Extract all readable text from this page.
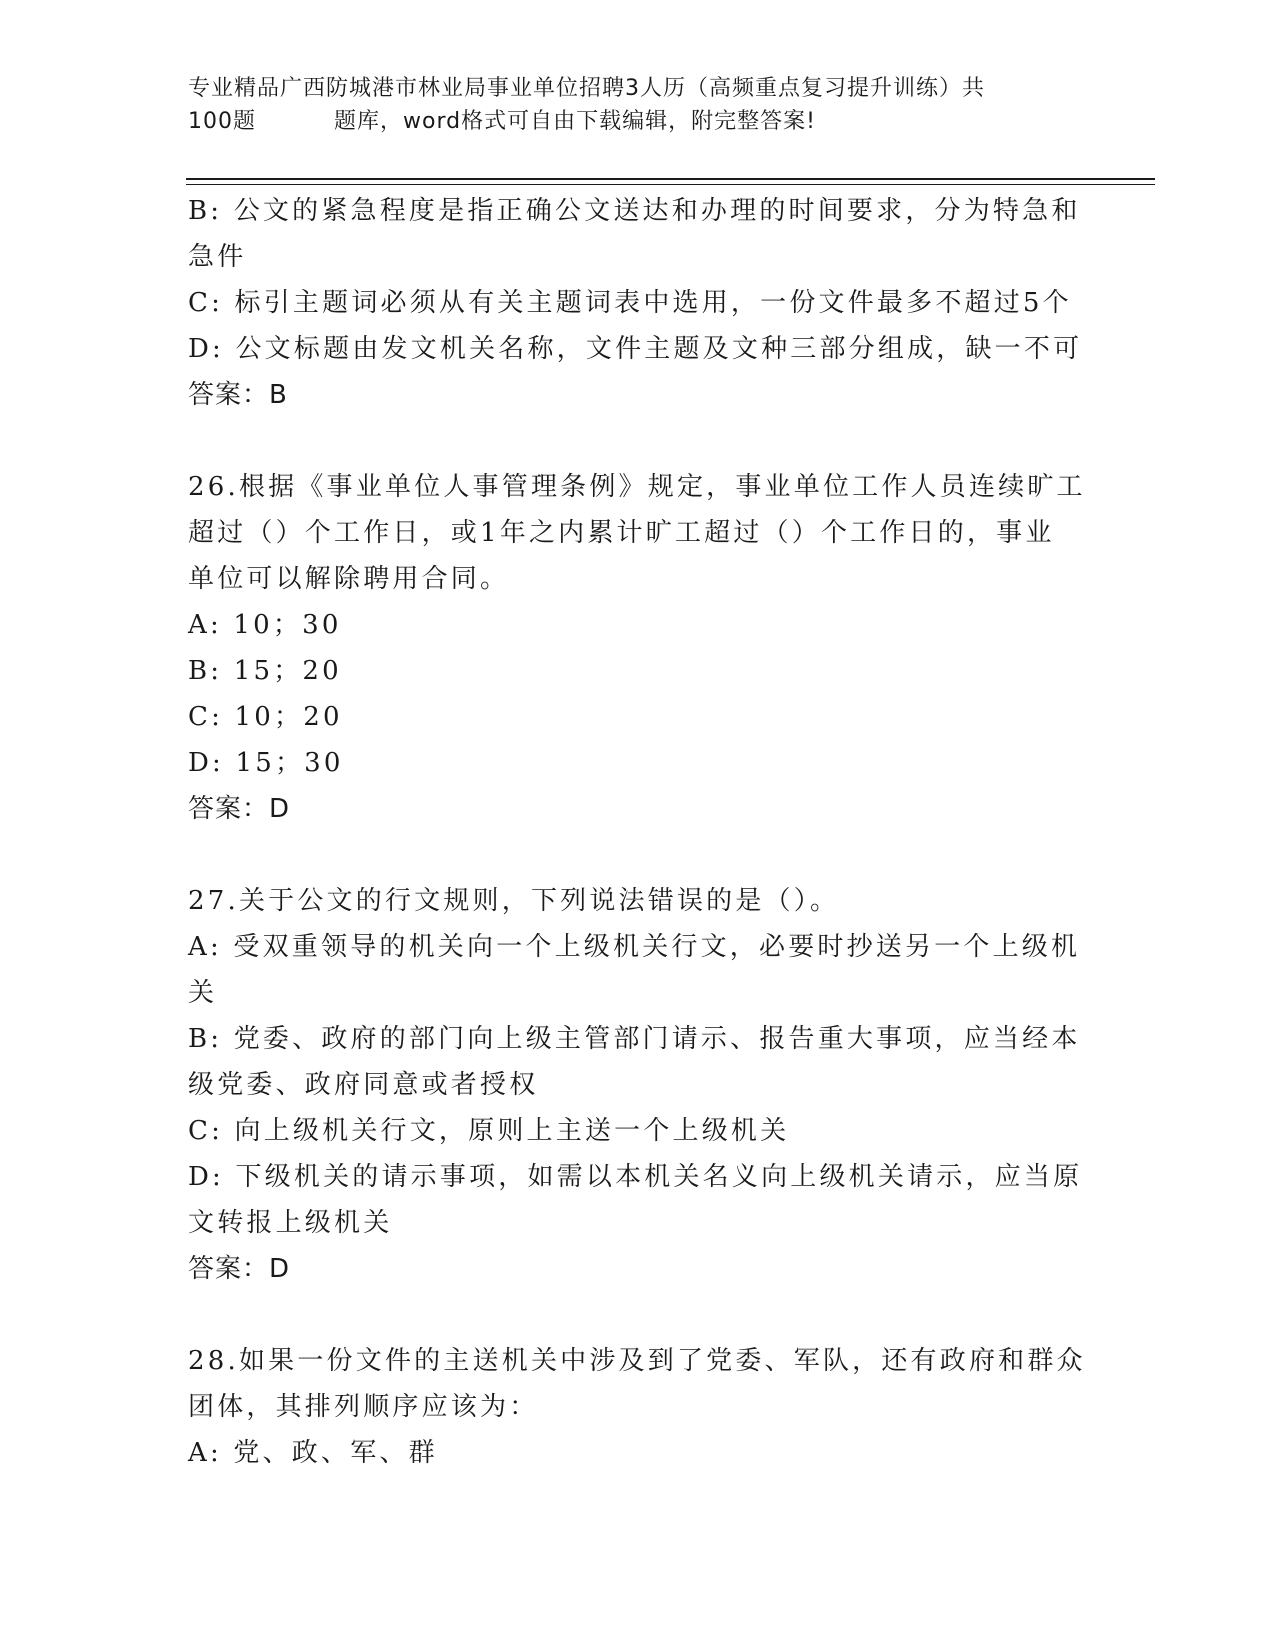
专业精品广西防城港市林业局事业单位招聘3人历（高频重点复习提升训练）共
100题	题库，word格式可自由下载编辑，附完整答案!
B: 公文的紧急程度是指正确公文送达和办理的时间要求，分为特急和
急件
C: 标引主题词必须从有关主题词表中选用，一份文件最多不超过5个
D: 公文标题由发文机关名称，文件主题及文种三部分组成，缺一不可
答案：B
26.根据《事业单位人事管理条例》规定，事业单位工作人员连续旷工
超过（）个工作日，或1年之内累计旷工超过（）个工作日的，事业
单位可以解除聘用合同。
A: 10；30
B: 15；20
C: 10；20
D: 15；30
答案：D
27.关于公文的行文规则，下列说法错误的是（）。
A: 受双重领导的机关向一个上级机关行文，必要时抄送另一个上级机
关
B: 党委、政府的部门向上级主管部门请示、报告重大事项，应当经本
级党委、政府同意或者授权
C: 向上级机关行文，原则上主送一个上级机关
D: 下级机关的请示事项，如需以本机关名义向上级机关请示，应当原
文转报上级机关
答案：D
28.如果一份文件的主送机关中涉及到了党委、军队，还有政府和群众
团体，其排列顺序应该为：
A: 党、政、军、群
